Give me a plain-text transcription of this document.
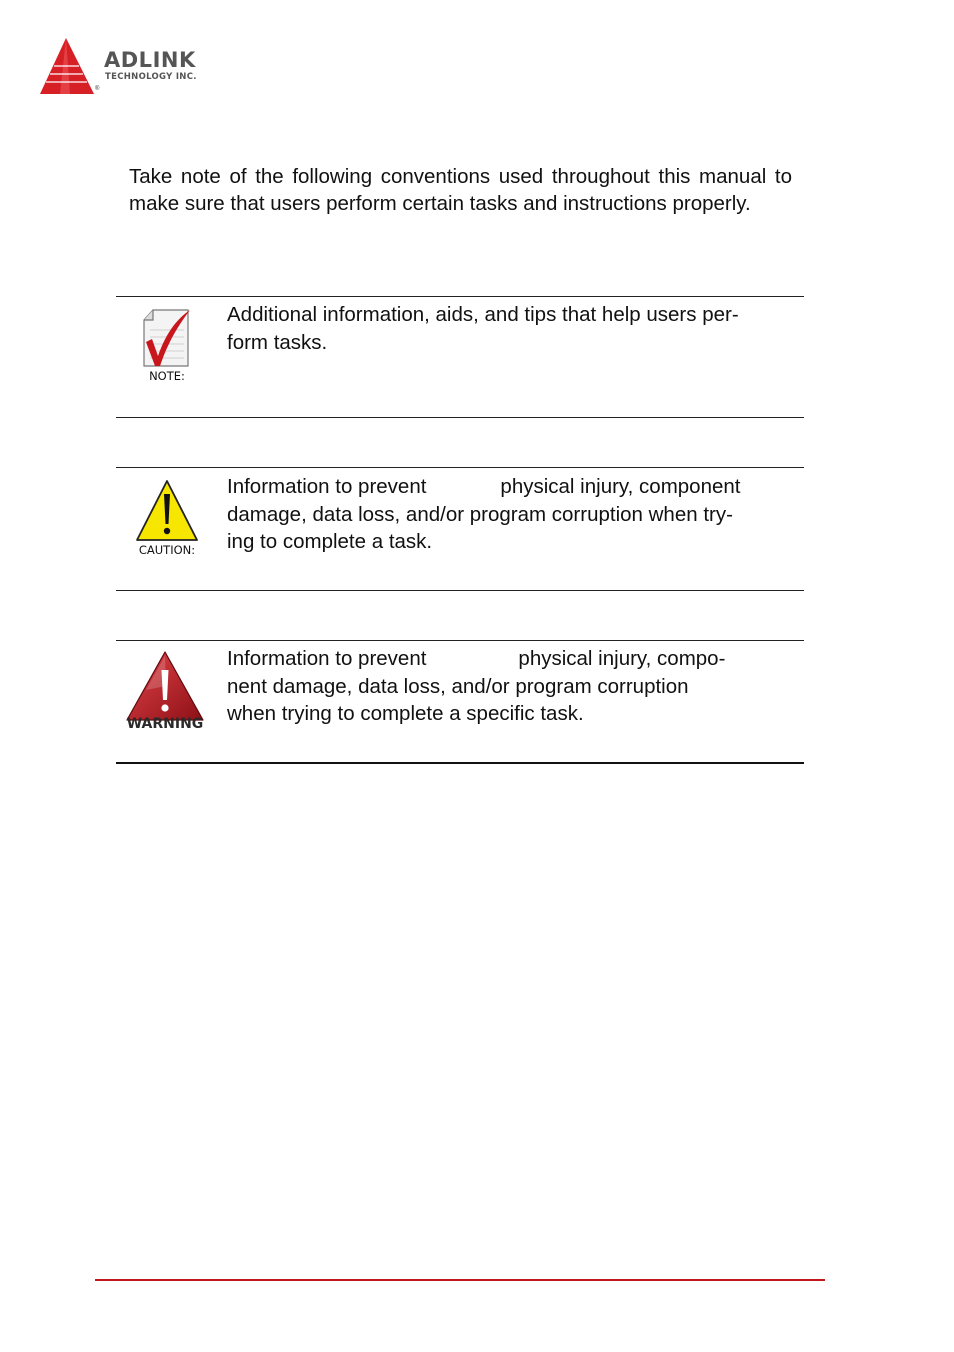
®
ADLINK
TECHNOLOGY INC.

Take note of the following conventions used throughout this manual to make sure that users perform certain tasks and instructions properly.

NOTE:

Additional information, aids, and tips that help users per-
form tasks.

CAUTION:

Information to prevent	physical injury, component
damage, data loss, and/or program corruption when try-
ing to complete a task.

WARNING

Information to prevent	physical injury, compo-
nent damage, data loss, and/or program corruption
when trying to complete a specific task.
